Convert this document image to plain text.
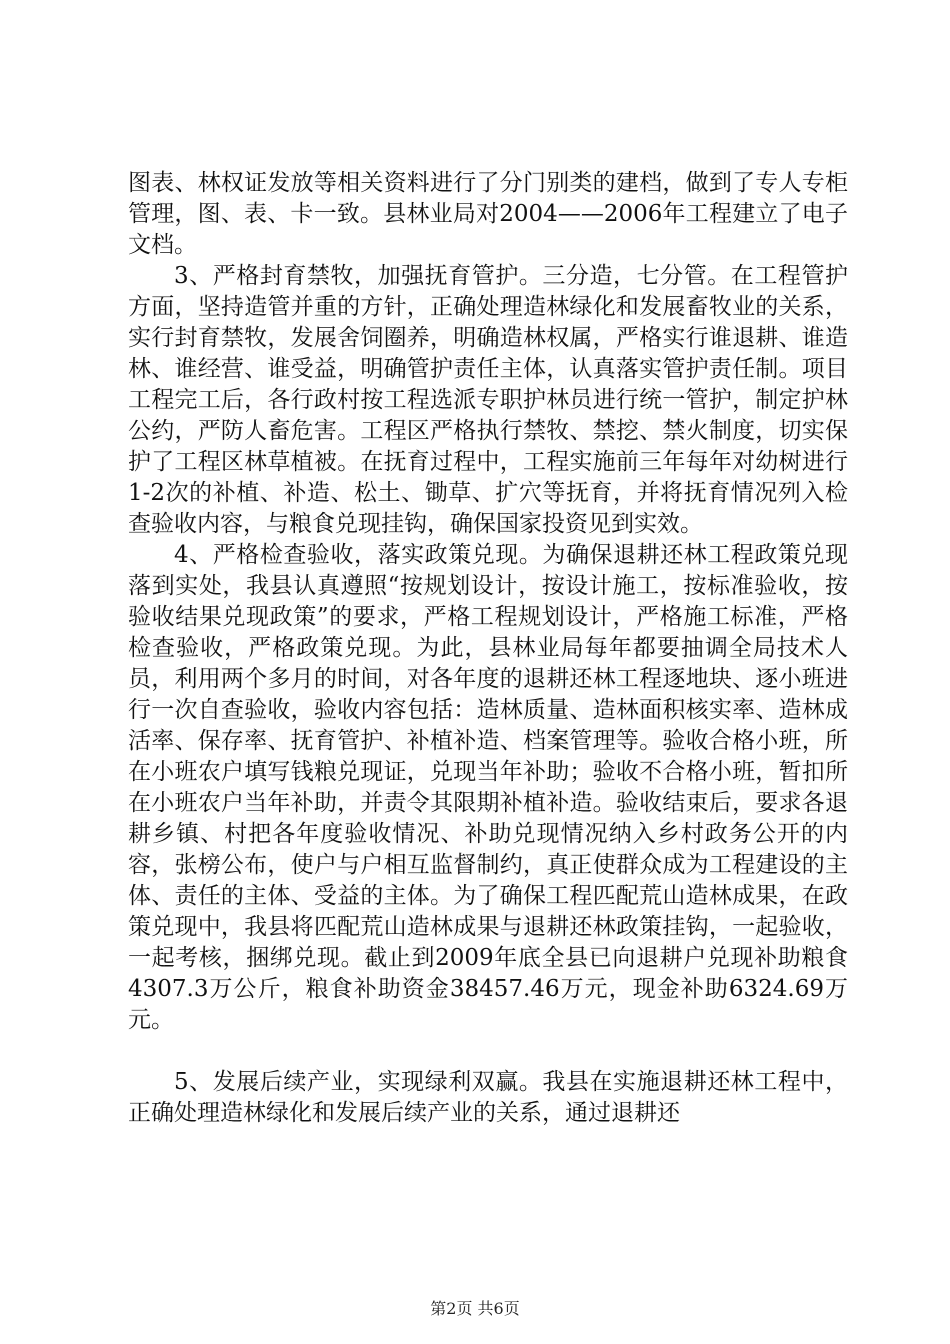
图表、林权证发放等相关资料进行了分门别类的建档，做到了专人专柜管理，图、表、卡一致。县林业局对2004——2006年工程建立了电子文档。

3、严格封育禁牧，加强抚育管护。三分造，七分管。在工程管护方面，坚持造管并重的方针，正确处理造林绿化和发展畜牧业的关系，实行封育禁牧，发展舍饲圈养，明确造林权属，严格实行谁退耕、谁造林、谁经营、谁受益，明确管护责任主体，认真落实管护责任制。项目工程完工后，各行政村按工程选派专职护林员进行统一管护，制定护林公约，严防人畜危害。工程区严格执行禁牧、禁挖、禁火制度，切实保护了工程区林草植被。在抚育过程中，工程实施前三年每年对幼树进行1-2次的补植、补造、松土、锄草、扩穴等抚育，并将抚育情况列入检查验收内容，与粮食兑现挂钩，确保国家投资见到实效。

4、严格检查验收，落实政策兑现。为确保退耕还林工程政策兑现落到实处，我县认真遵照“按规划设计，按设计施工，按标准验收，按验收结果兑现政策”的要求，严格工程规划设计，严格施工标准，严格检查验收，严格政策兑现。为此，县林业局每年都要抽调全局技术人员，利用两个多月的时间，对各年度的退耕还林工程逐地块、逐小班进行一次自查验收，验收内容包括：造林质量、造林面积核实率、造林成活率、保存率、抚育管护、补植补造、档案管理等。验收合格小班，所在小班农户填写钱粮兑现证，兑现当年补助；验收不合格小班，暂扣所在小班农户当年补助，并责令其限期补植补造。验收结束后，要求各退耕乡镇、村把各年度验收情况、补助兑现情况纳入乡村政务公开的内容，张榜公布，使户与户相互监督制约，真正使群众成为工程建设的主体、责任的主体、受益的主体。为了确保工程匹配荒山造林成果，在政策兑现中，我县将匹配荒山造林成果与退耕还林政策挂钩，一起验收，一起考核，捆绑兑现。截止到2009年底全县已向退耕户兑现补助粮食4307.3万公斤，粮食补助资金38457.46万元，现金补助6324.69万元。

5、发展后续产业，实现绿利双赢。我县在实施退耕还林工程中，正确处理造林绿化和发展后续产业的关系，通过退耕还

第2页 共6页
